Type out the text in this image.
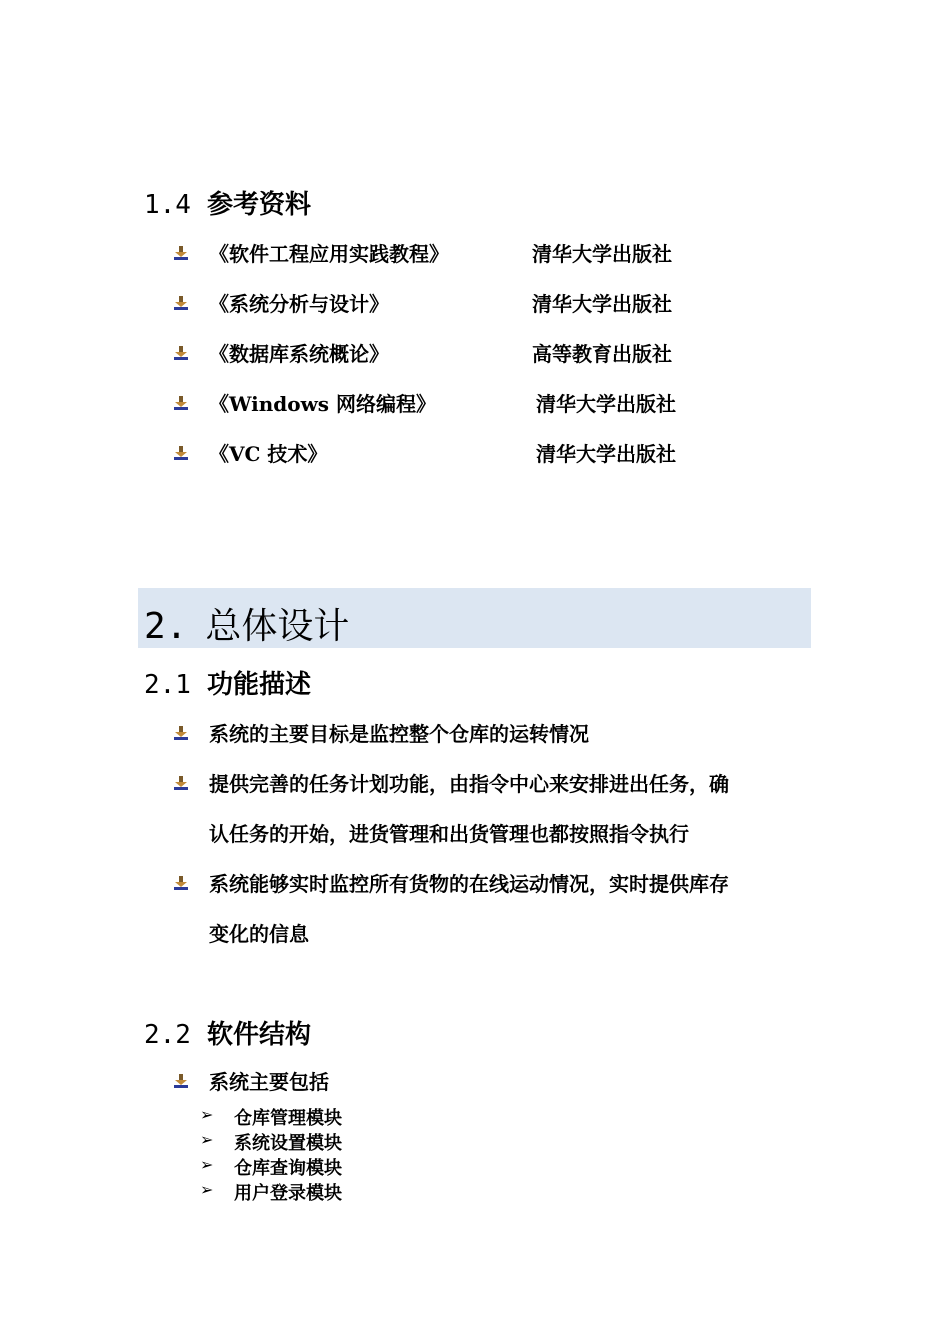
1.4 参考资料
《软件工程应用实践教程》	清华大学出版社
《系统分析与设计》	清华大学出版社
《数据库系统概论》	高等教育出版社
《Windows 网络编程》	清华大学出版社
《VC 技术》	清华大学出版社
2. 总体设计
2.1 功能描述
系统的主要目标是监控整个仓库的运转情况
提供完善的任务计划功能，由指令中心来安排进出任务，确
认任务的开始，进货管理和出货管理也都按照指令执行
系统能够实时监控所有货物的在线运动情况，实时提供库存
变化的信息
2.2 软件结构
系统主要包括
➢ 仓库管理模块
➢ 系统设置模块
➢ 仓库查询模块
➢ 用户登录模块
